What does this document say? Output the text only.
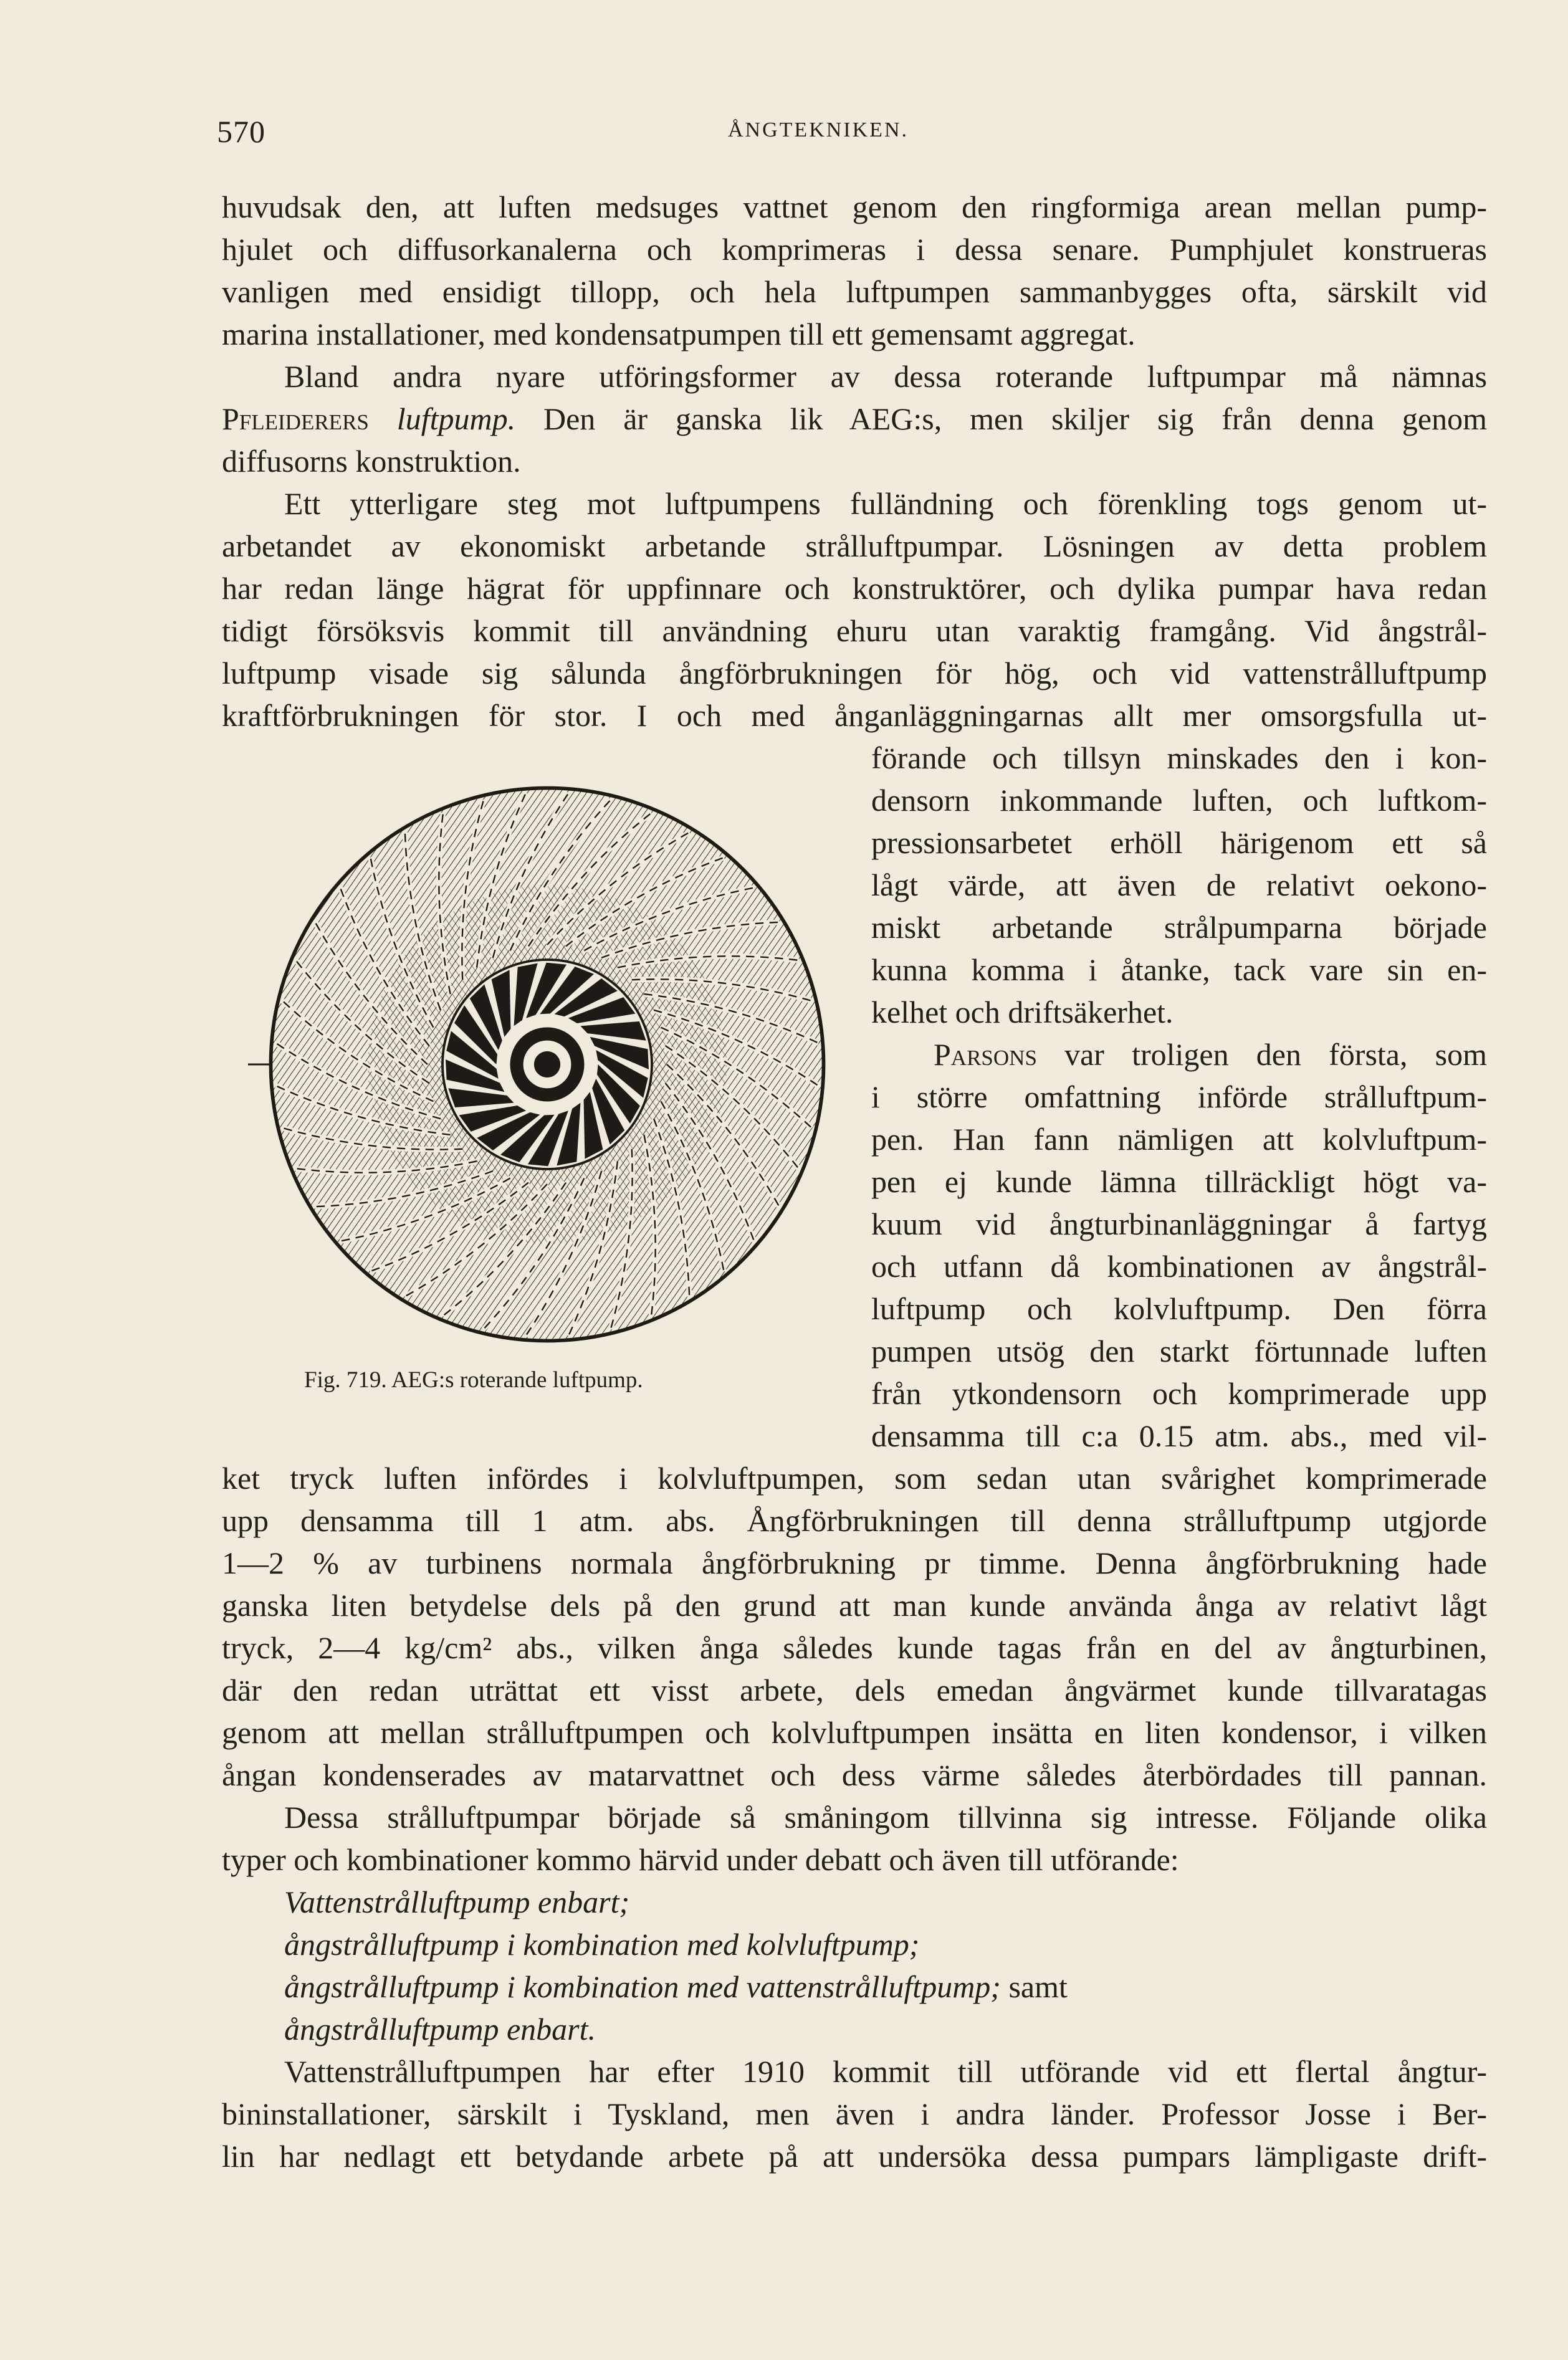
570	ÅNGTEKNIKEN.
huvudsak den, att luften medsuges vattnet genom den ringformiga arean mellan pump-
hjulet och diffusorkanalerna och komprimeras i dessa senare. Pumphjulet konstrueras
vanligen med ensidigt tillopp, och hela luftpumpen sammanbygges ofta, särskilt vid
marina installationer, med kondensatpumpen till ett gemensamt aggregat.
Bland andra nyare utföringsformer av dessa roterande luftpumpar må nämnas
Pfleiderers luftpump. Den är ganska lik AEG:s, men skiljer sig från denna genom
diffusorns konstruktion.
Ett ytterligare steg mot luftpumpens fulländning och förenkling togs genom ut-
arbetandet av ekonomiskt arbetande strålluftpumpar. Lösningen av detta problem
har redan länge hägrat för uppfinnare och konstruktörer, och dylika pumpar hava redan
tidigt försöksvis kommit till användning ehuru utan varaktig framgång. Vid ångstrål-
luftpump visade sig sålunda ångförbrukningen för hög, och vid vattenstrålluftpump
kraftförbrukningen för stor. I och med ånganläggningarnas allt mer omsorgsfulla ut-
förande och tillsyn minskades den i kon-
densorn inkommande luften, och luftkom-
pressionsarbetet erhöll härigenom ett så
lågt värde, att även de relativt oekono-
miskt arbetande strålpumparna började
kunna komma i åtanke, tack vare sin en-
kelhet och driftsäkerhet.
Parsons var troligen den första, som
i större omfattning införde strålluftpum-
pen. Han fann nämligen att kolvluftpum-
pen ej kunde lämna tillräckligt högt va-
kuum vid ångturbinanläggningar å fartyg
och utfann då kombinationen av ångstrål-
luftpump och kolvluftpump. Den förra
pumpen utsög den starkt förtunnade luften
från ytkondensorn och komprimerade upp
densamma till c:a 0.15 atm. abs., med vil-
ket tryck luften infördes i kolvluftpumpen, som sedan utan svårighet komprimerade
upp densamma till 1 atm. abs. Ångförbrukningen till denna strålluftpump utgjorde
1—2 % av turbinens normala ångförbrukning pr timme. Denna ångförbrukning hade
ganska liten betydelse dels på den grund att man kunde använda ånga av relativt lågt
tryck, 2—4 kg/cm² abs., vilken ånga således kunde tagas från en del av ångturbinen,
där den redan uträttat ett visst arbete, dels emedan ångvärmet kunde tillvaratagas
genom att mellan strålluftpumpen och kolvluftpumpen insätta en liten kondensor, i vilken
ångan kondenserades av matarvattnet och dess värme således återbördades till pannan.
Dessa strålluftpumpar började så småningom tillvinna sig intresse. Följande olika
typer och kombinationer kommo härvid under debatt och även till utförande:
Vattenstrålluftpump enbart;
ångstrålluftpump i kombination med kolvluftpump;
ångstrålluftpump i kombination med vattenstrålluftpump; samt
ångstrålluftpump enbart.
Vattenstrålluftpumpen har efter 1910 kommit till utförande vid ett flertal ångtur-
bininstallationer, särskilt i Tyskland, men även i andra länder. Professor Josse i Ber-
lin har nedlagt ett betydande arbete på att undersöka dessa pumpars lämpligaste drift-
Fig. 719. AEG:s roterande luftpump.
